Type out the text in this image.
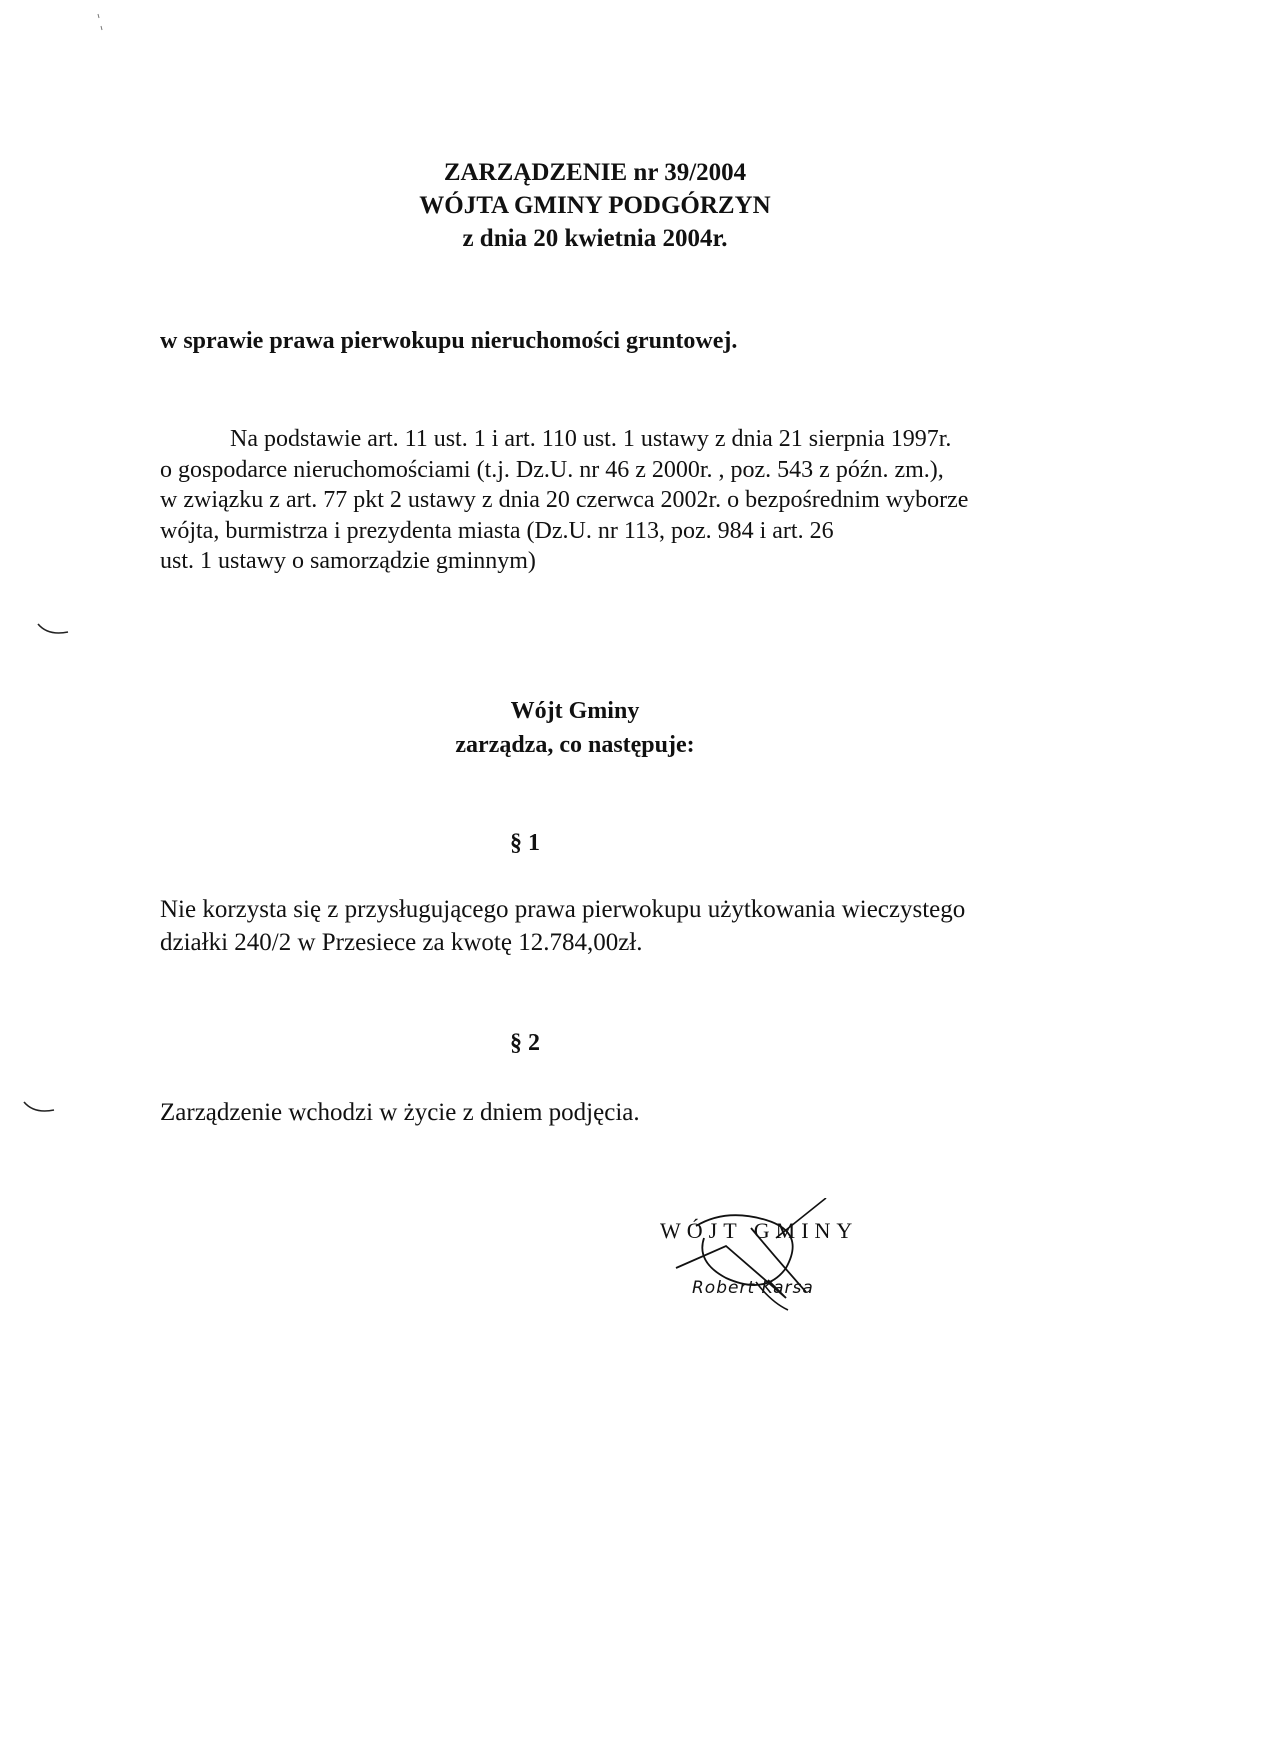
ZARZĄDZENIE nr 39/2004
WÓJTA GMINY PODGÓRZYN
z dnia 20 kwietnia 2004r.
w sprawie prawa pierwokupu nieruchomości gruntowej.
Na podstawie art. 11 ust. 1 i art. 110 ust. 1 ustawy z dnia 21 sierpnia 1997r.
o gospodarce nieruchomościami (t.j. Dz.U. nr 46 z 2000r. , poz. 543 z późn. zm.),
w związku z art. 77 pkt 2 ustawy z dnia 20 czerwca 2002r. o bezpośrednim wyborze
wójta, burmistrza i prezydenta miasta (Dz.U. nr 113, poz. 984 i art. 26
ust. 1 ustawy o samorządzie gminnym)
Wójt Gminy
zarządza, co następuje:
§ 1
Nie korzysta się z przysługującego prawa pierwokupu użytkowania wieczystego
działki 240/2 w Przesiece za kwotę 12.784,00zł.
§ 2
Zarządzenie wchodzi w życie z dniem podjęcia.
WÓJT GMINY
Robert Karsa
